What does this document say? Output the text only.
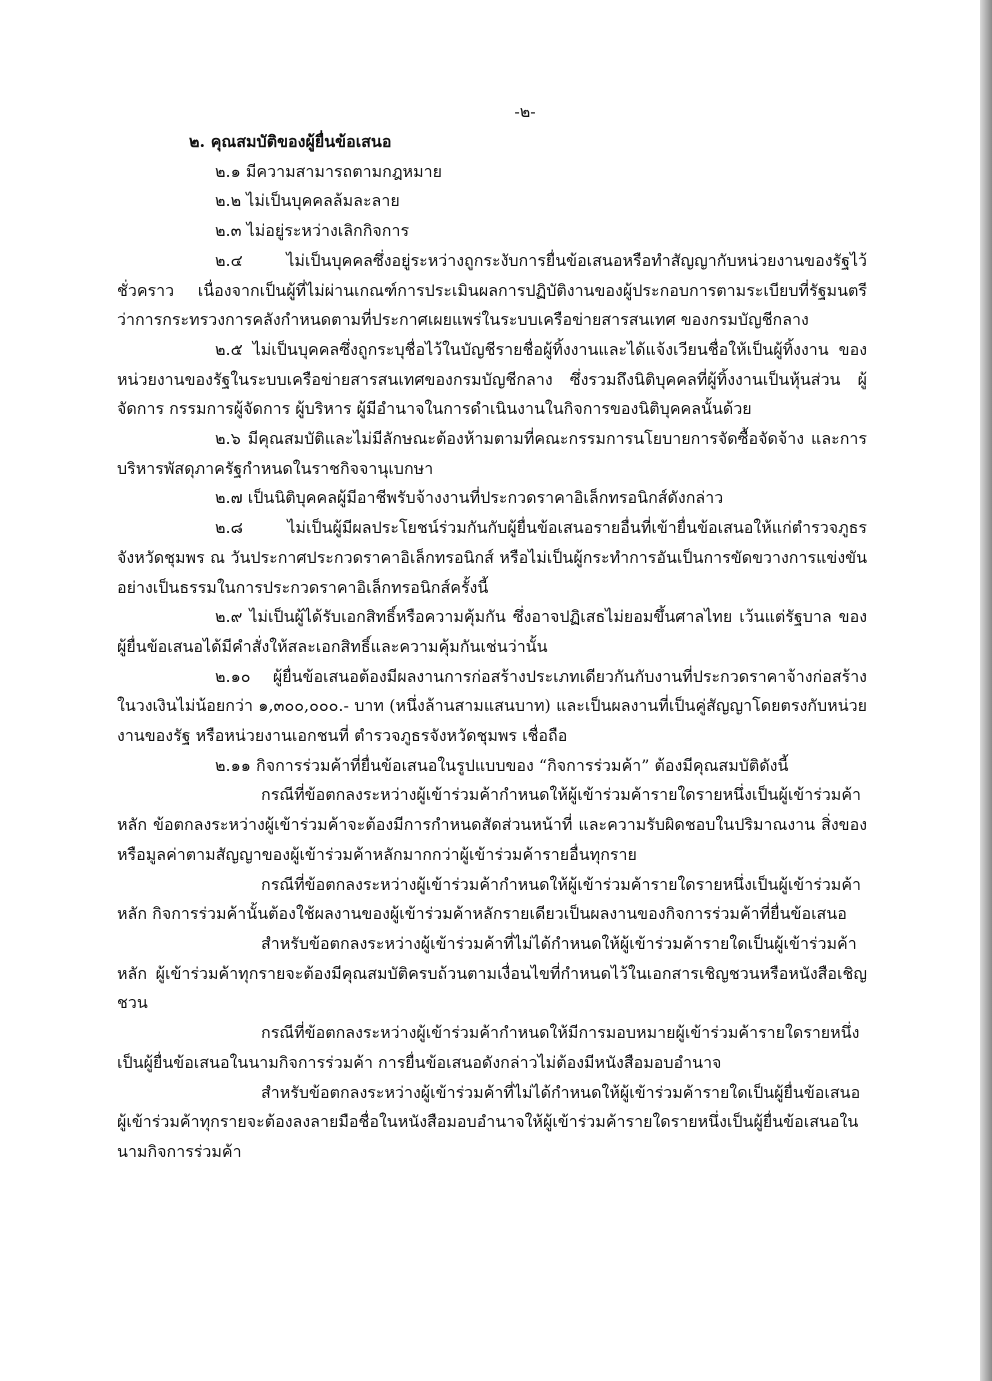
-๒-

๒. คุณสมบัติของผู้ยื่นข้อเสนอ

๒.๑ มีความสามารถตามกฎหมาย

๒.๒ ไม่เป็นบุคคลล้มละลาย

๒.๓ ไม่อยู่ระหว่างเลิกกิจการ

๒.๔ ไม่เป็นบุคคลซึ่งอยู่ระหว่างถูกระงับการยื่นข้อเสนอหรือทำสัญญากับหน่วยงานของรัฐไว้ชั่วคราว เนื่องจากเป็นผู้ที่ไม่ผ่านเกณฑ์การประเมินผลการปฏิบัติงานของผู้ประกอบการตามระเบียบที่รัฐมนตรีว่าการกระทรวงการคลังกำหนดตามที่ประกาศเผยแพร่ในระบบเครือข่ายสารสนเทศ ของกรมบัญชีกลาง

๒.๕ ไม่เป็นบุคคลซึ่งถูกระบุชื่อไว้ในบัญชีรายชื่อผู้ทิ้งงานและได้แจ้งเวียนชื่อให้เป็นผู้ทิ้งงาน ของหน่วยงานของรัฐในระบบเครือข่ายสารสนเทศของกรมบัญชีกลาง ซึ่งรวมถึงนิติบุคคลที่ผู้ทิ้งงานเป็นหุ้นส่วน ผู้จัดการ กรรมการผู้จัดการ ผู้บริหาร ผู้มีอำนาจในการดำเนินงานในกิจการของนิติบุคคลนั้นด้วย

๒.๖ มีคุณสมบัติและไม่มีลักษณะต้องห้ามตามที่คณะกรรมการนโยบายการจัดซื้อจัดจ้าง และการบริหารพัสดุภาครัฐกำหนดในราชกิจจานุเบกษา

๒.๗ เป็นนิติบุคคลผู้มีอาชีพรับจ้างงานที่ประกวดราคาอิเล็กทรอนิกส์ดังกล่าว

๒.๘ ไม่เป็นผู้มีผลประโยชน์ร่วมกันกับผู้ยื่นข้อเสนอรายอื่นที่เข้ายื่นข้อเสนอให้แก่ตำรวจภูธรจังหวัดชุมพร ณ วันประกาศประกวดราคาอิเล็กทรอนิกส์ หรือไม่เป็นผู้กระทำการอันเป็นการขัดขวางการแข่งขันอย่างเป็นธรรมในการประกวดราคาอิเล็กทรอนิกส์ครั้งนี้

๒.๙ ไม่เป็นผู้ได้รับเอกสิทธิ์หรือความคุ้มกัน ซึ่งอาจปฏิเสธไม่ยอมขึ้นศาลไทย เว้นแต่รัฐบาล ของผู้ยื่นข้อเสนอได้มีคำสั่งให้สละเอกสิทธิ์และความคุ้มกันเช่นว่านั้น

๒.๑๐ ผู้ยื่นข้อเสนอต้องมีผลงานการก่อสร้างประเภทเดียวกันกับงานที่ประกวดราคาจ้างก่อสร้าง ในวงเงินไม่น้อยกว่า ๑,๓๐๐,๐๐๐.- บาท (หนึ่งล้านสามแสนบาท) และเป็นผลงานที่เป็นคู่สัญญาโดยตรงกับหน่วยงานของรัฐ หรือหน่วยงานเอกชนที่ ตำรวจภูธรจังหวัดชุมพร เชื่อถือ

๒.๑๑ กิจการร่วมค้าที่ยื่นข้อเสนอในรูปแบบของ “กิจการร่วมค้า” ต้องมีคุณสมบัติดังนี้

กรณีที่ข้อตกลงระหว่างผู้เข้าร่วมค้ากำหนดให้ผู้เข้าร่วมค้ารายใดรายหนึ่งเป็นผู้เข้าร่วมค้าหลัก ข้อตกลงระหว่างผู้เข้าร่วมค้าจะต้องมีการกำหนดสัดส่วนหน้าที่ และความรับผิดชอบในปริมาณงาน สิ่งของ หรือมูลค่าตามสัญญาของผู้เข้าร่วมค้าหลักมากกว่าผู้เข้าร่วมค้ารายอื่นทุกราย

กรณีที่ข้อตกลงระหว่างผู้เข้าร่วมค้ากำหนดให้ผู้เข้าร่วมค้ารายใดรายหนึ่งเป็นผู้เข้าร่วมค้าหลัก กิจการร่วมค้านั้นต้องใช้ผลงานของผู้เข้าร่วมค้าหลักรายเดียวเป็นผลงานของกิจการร่วมค้าที่ยื่นข้อเสนอ

สำหรับข้อตกลงระหว่างผู้เข้าร่วมค้าที่ไม่ได้กำหนดให้ผู้เข้าร่วมค้ารายใดเป็นผู้เข้าร่วมค้าหลัก ผู้เข้าร่วมค้าทุกรายจะต้องมีคุณสมบัติครบถ้วนตามเงื่อนไขที่กำหนดไว้ในเอกสารเชิญชวนหรือหนังสือเชิญชวน

กรณีที่ข้อตกลงระหว่างผู้เข้าร่วมค้ากำหนดให้มีการมอบหมายผู้เข้าร่วมค้ารายใดรายหนึ่งเป็นผู้ยื่นข้อเสนอในนามกิจการร่วมค้า การยื่นข้อเสนอดังกล่าวไม่ต้องมีหนังสือมอบอำนาจ

สำหรับข้อตกลงระหว่างผู้เข้าร่วมค้าที่ไม่ได้กำหนดให้ผู้เข้าร่วมค้ารายใดเป็นผู้ยื่นข้อเสนอ ผู้เข้าร่วมค้าทุกรายจะต้องลงลายมือชื่อในหนังสือมอบอำนาจให้ผู้เข้าร่วมค้ารายใดรายหนึ่งเป็นผู้ยื่นข้อเสนอในนามกิจการร่วมค้า
